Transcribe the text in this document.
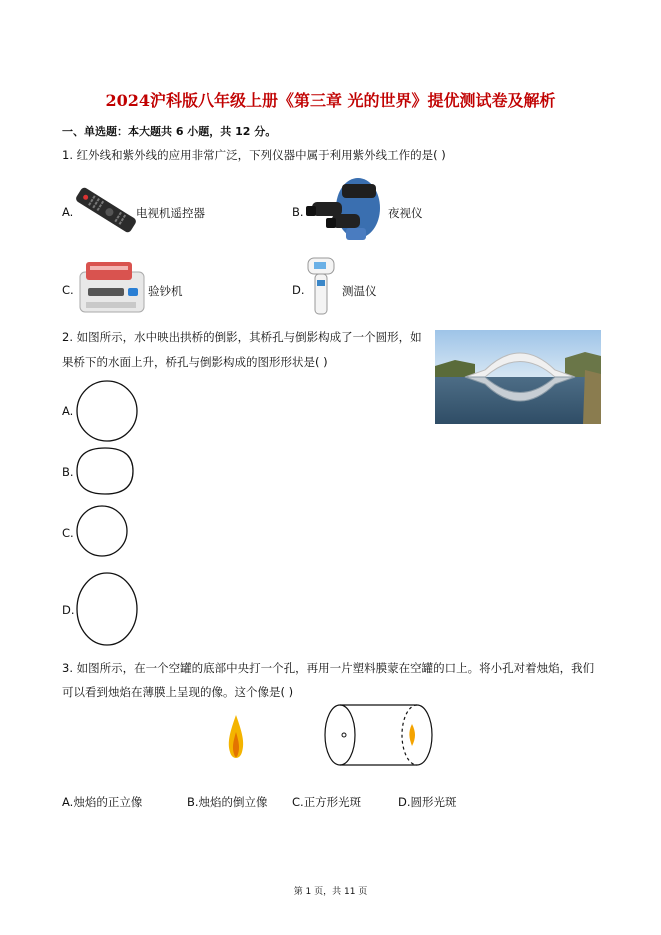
2024沪科版八年级上册《第三章 光的世界》提优测试卷及解析
一、单选题：本大题共 6 小题，共 12 分。
1. 红外线和紫外线的应用非常广泛，下列仪器中属于利用紫外线工作的是( )
A.	电视机遥控器	B.	夜视仪
C.	验钞机	D.	测温仪
2. 如图所示，水中映出拱桥的倒影，其桥孔与倒影构成了一个圆形，如
果桥下的水面上升，桥孔与倒影构成的图形形状是( )
A.
B.
C.
D.
3. 如图所示，在一个空罐的底部中央打一个孔，再用一片塑料膜蒙在空罐的口上。将小孔对着烛焰，我们
可以看到烛焰在薄膜上呈现的像。这个像是( )
A.烛焰的正立像	B.烛焰的倒立像 C.正方形光斑	D.圆形光斑
第 1 页，共 11 页
